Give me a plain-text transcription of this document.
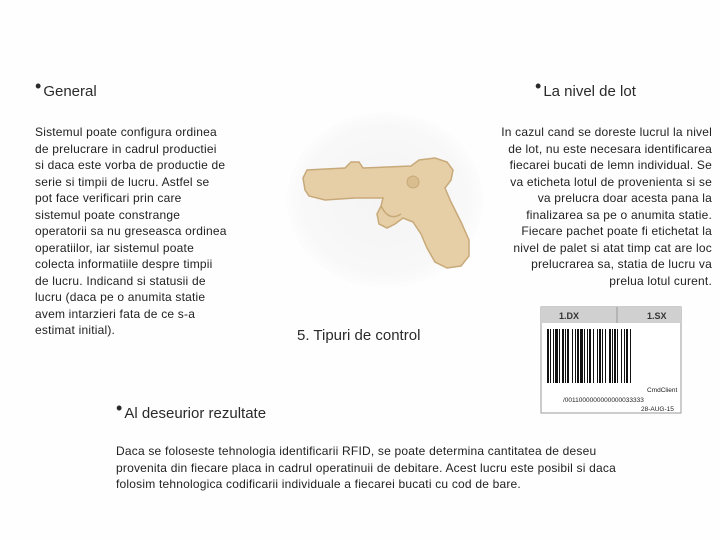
• General	• La nivel de lot
Sistemul poate configura ordinea
de prelucrare in cadrul productiei
si daca este vorba de productie de
serie si timpii de lucru. Astfel se
pot face verificari prin care
sistemul poate constrange
operatorii sa nu greseasca ordinea
operatiilor, iar sistemul poate
colecta informatiile despre timpii
de lucru. Indicand si statusii de
lucru (daca pe o anumita statie
avem intarzieri fata de ce s-a
estimat initial).
In cazul cand se doreste lucrul la nivel
de lot, nu este necesara identificarea
fiecarei bucati de lemn individual. Se
va eticheta lotul de provenienta si se
va prelucra doar acesta pana la
finalizarea sa pe o anumita statie.
Fiecare pachet poate fi etichetat la
nivel de palet si atat timp cat are loc
prelucrarea sa, statia de lucru va
prelua lotul curent.
5. Tipuri de control
1.DX	1.SX
CmdClient
/0011000000000000033333
28-AUG-15
• Al deseurior rezultate
Daca se foloseste tehnologia identificarii RFID, se poate determina cantitatea de deseu
provenita din fiecare placa in cadrul operatinuii de debitare. Acest lucru este posibil si daca
folosim tehnologica codificarii individuale a fiecarei bucati cu cod de bare.
